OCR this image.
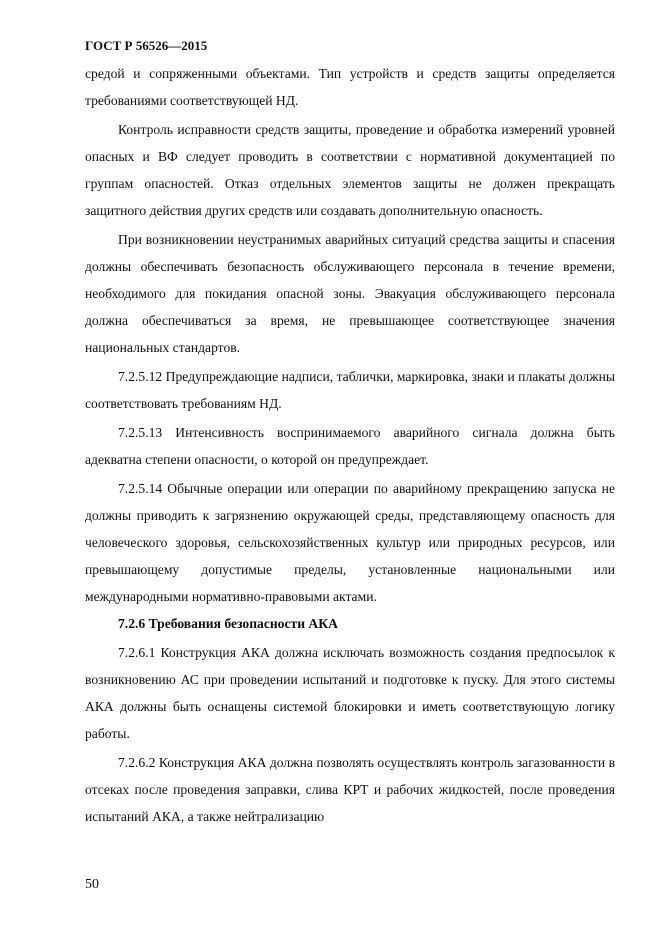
ГОСТ Р 56526—2015

средой и сопряженными объектами. Тип устройств и средств защиты определяется требованиями соответствующей НД.

Контроль исправности средств защиты, проведение и обработка измерений уровней опасных и ВФ следует проводить в соответствии с нормативной документацией по группам опасностей. Отказ отдельных элементов защиты не должен прекращать защитного действия других средств или создавать дополнительную опасность.

При возникновении неустранимых аварийных ситуаций средства защиты и спасения должны обеспечивать безопасность обслуживающего персонала в течение времени, необходимого для покидания опасной зоны. Эвакуация обслуживающего персонала должна обеспечиваться за время, не превышающее соответствующее значения национальных стандартов.

7.2.5.12 Предупреждающие надписи, таблички, маркировка, знаки и плакаты должны соответствовать требованиям НД.

7.2.5.13 Интенсивность воспринимаемого аварийного сигнала должна быть адекватна степени опасности, о которой он предупреждает.

7.2.5.14 Обычные операции или операции по аварийному прекращению запуска не должны приводить к загрязнению окружающей среды, представляющему опасность для человеческого здоровья, сельскохозяйственных культур или природных ресурсов, или превышающему допустимые пределы, установленные национальными или международными нормативно-правовыми актами.

7.2.6 Требования безопасности АКА

7.2.6.1 Конструкция АКА должна исключать возможность создания предпосылок к возникновению АС при проведении испытаний и подготовке к пуску. Для этого системы АКА должны быть оснащены системой блокировки и иметь соответствующую логику работы.

7.2.6.2 Конструкция АКА должна позволять осуществлять контроль загазованности в отсеках после проведения заправки, слива КРТ и рабочих жидкостей, после проведения испытаний АКА, а также нейтрализацию

50
